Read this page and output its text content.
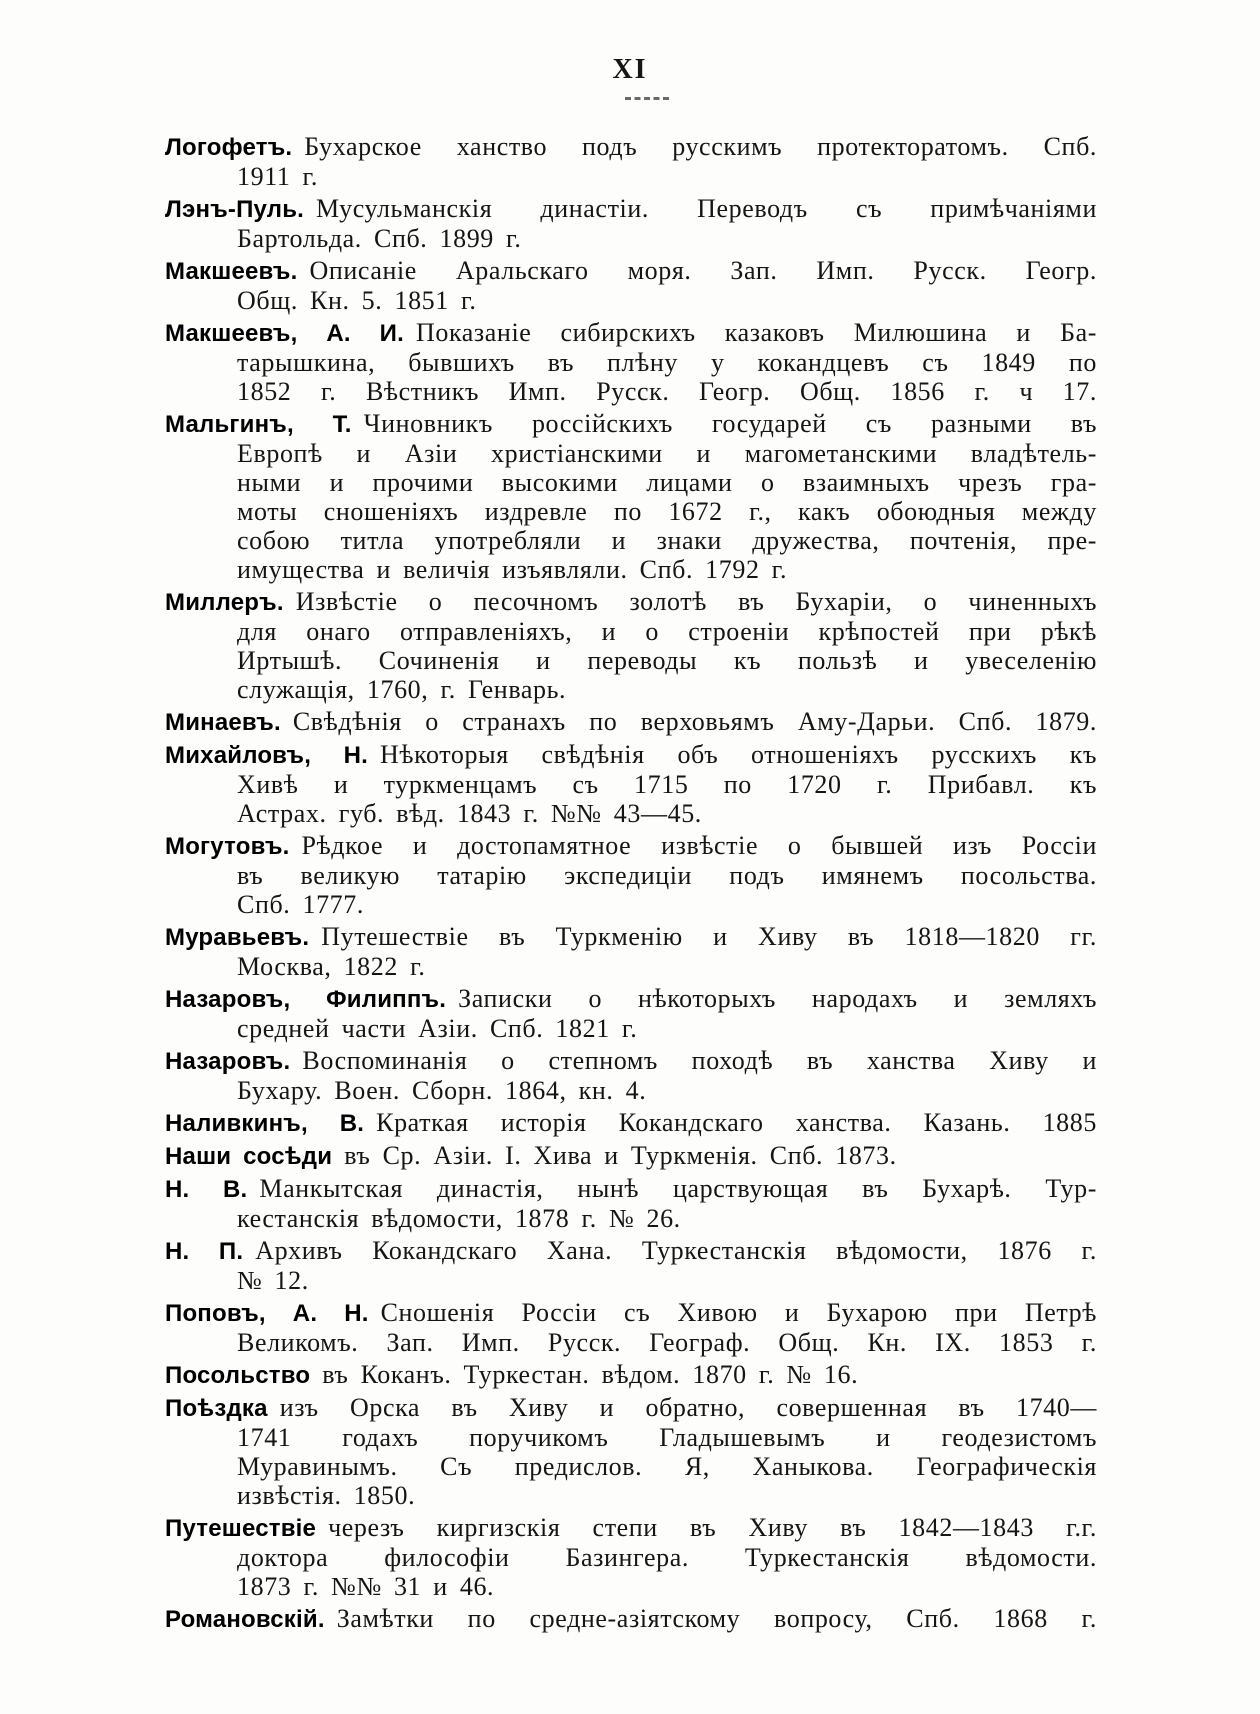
XI

Логофетъ. Бухарское ханство подъ русскимъ протекторатомъ. Спб.
1911 г.

Лэнъ-Пуль. Мусульманскія династіи. Переводъ съ примѣчаніями
Бартольда. Спб. 1899 г.

Макшеевъ. Описаніе Аральскаго моря. Зап. Имп. Русск. Геогр.
Общ. Кн. 5. 1851 г.

Макшеевъ, А. И. Показаніе сибирскихъ казаковъ Милюшина и Ба-
тарышкина, бывшихъ въ плѣну у кокандцевъ съ 1849 по
1852 г. Вѣстникъ Имп. Русск. Геогр. Общ. 1856 г. ч 17.

Мальгинъ, Т. Чиновникъ россійскихъ государей съ разными въ
Европѣ и Азіи христіанскими и магометанскими владѣтель-
ными и прочими высокими лицами о взаимныхъ чрезъ гра-
моты сношеніяхъ издревле по 1672 г., какъ обоюдныя между
собою титла употребляли и знаки дружества, почтенія, пре-
имущества и величія изъявляли. Спб. 1792 г.

Миллеръ. Извѣстіе о песочномъ золотѣ въ Бухаріи, о чиненныхъ
для онаго отправленіяхъ, и о строеніи крѣпостей при рѣкѣ
Иртышѣ. Сочиненія и переводы къ пользѣ и увеселенію
служащія, 1760, г. Генварь.

Минаевъ. Свѣдѣнія о странахъ по верховьямъ Аму-Дарьи. Спб. 1879.

Михайловъ, Н. Нѣкоторыя свѣдѣнія объ отношеніяхъ русскихъ къ
Хивѣ и туркменцамъ съ 1715 по 1720 г. Прибавл. къ
Астрах. губ. вѣд. 1843 г. №№ 43—45.

Могутовъ. Рѣдкое и достопамятное извѣстіе о бывшей изъ Россіи
въ великую татарію экспедиціи подъ имянемъ посольства.
Спб. 1777.

Муравьевъ. Путешествіе въ Туркменію и Хиву въ 1818—1820 гг.
Москва, 1822 г.

Назаровъ, Филиппъ. Записки о нѣкоторыхъ народахъ и земляхъ
средней части Азіи. Спб. 1821 г.

Назаровъ. Воспоминанія о степномъ походѣ въ ханства Хиву и
Бухару. Воен. Сборн. 1864, кн. 4.

Наливкинъ, В. Краткая исторія Кокандскаго ханства. Казань. 1885

Наши сосѣди въ Ср. Азіи. I. Хива и Туркменія. Спб. 1873.

Н. В. Манкытская династія, нынѣ царствующая въ Бухарѣ. Тур-
кестанскія вѣдомости, 1878 г. № 26.

Н. П. Архивъ Кокандскаго Хана. Туркестанскія вѣдомости, 1876 г.
№ 12.

Поповъ, А. Н. Сношенія Россіи съ Хивою и Бухарою при Петрѣ
Великомъ. Зап. Имп. Русск. Географ. Общ. Кн. IX. 1853 г.

Посольство въ Коканъ. Туркестан. вѣдом. 1870 г. № 16.

Поѣздка изъ Орска въ Хиву и обратно, совершенная въ 1740—
1741 годахъ поручикомъ Гладышевымъ и геодезистомъ
Муравинымъ. Съ предислов. Я, Ханыкова. Географическія
извѣстія. 1850.

Путешествіе черезъ киргизскія степи въ Хиву въ 1842—1843 г.г.
доктора философіи Базингера. Туркестанскія вѣдомости.
1873 г. №№ 31 и 46.

Романовскій. Замѣтки по средне-азіятскому вопросу, Спб. 1868 г.
